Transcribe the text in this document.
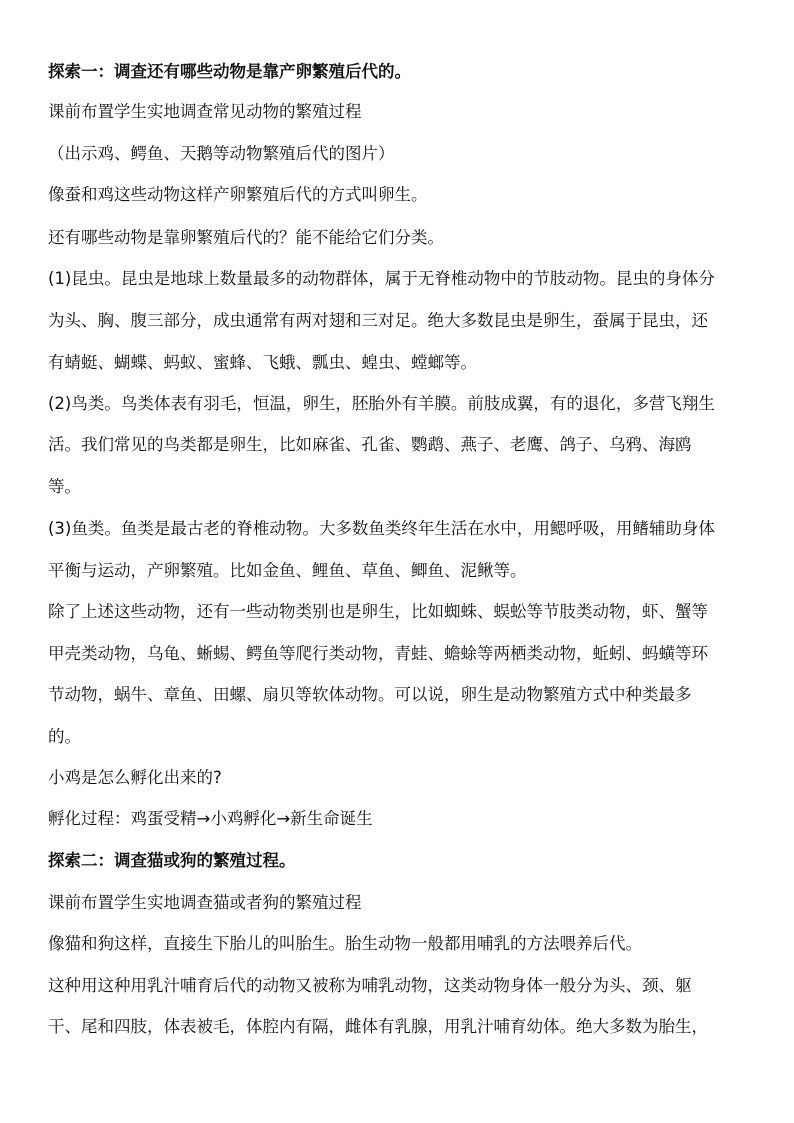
探索一：调查还有哪些动物是靠产卵繁殖后代的。
课前布置学生实地调查常见动物的繁殖过程
（出示鸡、鳄鱼、天鹅等动物繁殖后代的图片）
像蚕和鸡这些动物这样产卵繁殖后代的方式叫卵生。
还有哪些动物是靠卵繁殖后代的？能不能给它们分类。
(1)昆虫。昆虫是地球上数量最多的动物群体，属于无脊椎动物中的节肢动物。昆虫的身体分
为头、胸、腹三部分，成虫通常有两对翅和三对足。绝大多数昆虫是卵生，蚕属于昆虫，还
有蜻蜓、蝴蝶、蚂蚁、蜜蜂、飞蛾、瓢虫、蝗虫、螳螂等。
(2)鸟类。鸟类体表有羽毛，恒温，卵生，胚胎外有羊膜。前肢成翼，有的退化，多营飞翔生
活。我们常见的鸟类都是卵生，比如麻雀、孔雀、鹦鹉、燕子、老鹰、鸽子、乌鸦、海鸥
等。
(3)鱼类。鱼类是最古老的脊椎动物。大多数鱼类终年生活在水中，用鳃呼吸，用鳍辅助身体
平衡与运动，产卵繁殖。比如金鱼、鲤鱼、草鱼、鲫鱼、泥鳅等。
除了上述这些动物，还有一些动物类别也是卵生，比如蜘蛛、蜈蚣等节肢类动物，虾、蟹等
甲壳类动物，乌龟、蜥蜴、鳄鱼等爬行类动物，青蛙、蟾蜍等两栖类动物，蚯蚓、蚂蟥等环
节动物，蜗牛、章鱼、田螺、扇贝等软体动物。可以说，卵生是动物繁殖方式中种类最多
的。
小鸡是怎么孵化出来的?
孵化过程：鸡蛋受精→小鸡孵化→新生命诞生
探索二：调查猫或狗的繁殖过程。
课前布置学生实地调查猫或者狗的繁殖过程
像猫和狗这样，直接生下胎儿的叫胎生。胎生动物一般都用哺乳的方法喂养后代。
这种用这种用乳汁哺育后代的动物又被称为哺乳动物，这类动物身体一般分为头、颈、躯
干、尾和四肢，体表被毛，体腔内有隔，雌体有乳腺，用乳汁哺育幼体。绝大多数为胎生，
